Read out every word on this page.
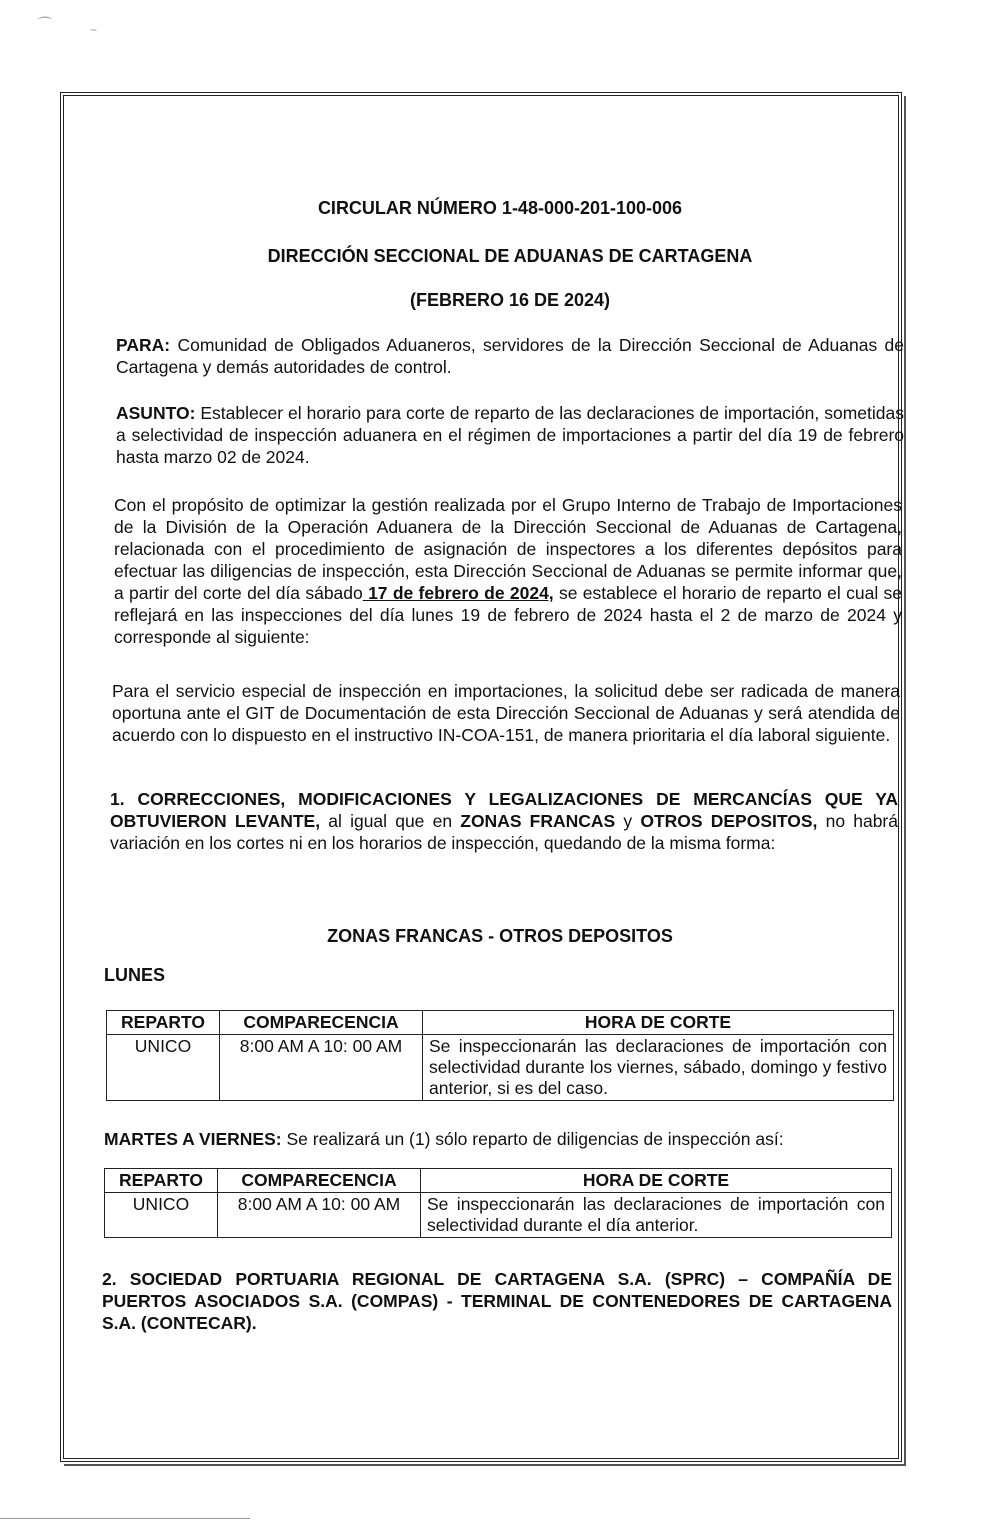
⌒	⁻
CIRCULAR NÚMERO 1-48-000-201-100-006
DIRECCIÓN SECCIONAL DE ADUANAS DE CARTAGENA
(FEBRERO 16 DE 2024)
PARA: Comunidad de Obligados Aduaneros, servidores de la Dirección Seccional de Aduanas de Cartagena y demás autoridades de control.
ASUNTO: Establecer el horario para corte de reparto de las declaraciones de importación, sometidas a selectividad de inspección aduanera en el régimen de importaciones a partir del día 19 de febrero hasta marzo 02 de 2024.
Con el propósito de optimizar la gestión realizada por el Grupo Interno de Trabajo de Importaciones de la División de la Operación Aduanera de la Dirección Seccional de Aduanas de Cartagena, relacionada con el procedimiento de asignación de inspectores a los diferentes depósitos para efectuar las diligencias de inspección, esta Dirección Seccional de Aduanas se permite informar que, a partir del corte del día sábado 17 de febrero de 2024, se establece el horario de reparto el cual se reflejará en las inspecciones del día lunes 19 de febrero de 2024 hasta el 2 de marzo de 2024 y corresponde al siguiente:
Para el servicio especial de inspección en importaciones, la solicitud debe ser radicada de manera oportuna ante el GIT de Documentación de esta Dirección Seccional de Aduanas y será atendida de acuerdo con lo dispuesto en el instructivo IN-COA-151, de manera prioritaria el día laboral siguiente.
1. CORRECCIONES, MODIFICACIONES Y LEGALIZACIONES DE MERCANCÍAS QUE YA OBTUVIERON LEVANTE, al igual que en ZONAS FRANCAS y OTROS DEPOSITOS, no habrá variación en los cortes ni en los horarios de inspección, quedando de la misma forma:
ZONAS FRANCAS - OTROS DEPOSITOS
LUNES
REPARTO	COMPARECENCIA	HORA DE CORTE
UNICO	8:00 AM A 10: 00 AM	Se inspeccionarán las declaraciones de importación con selectividad durante los viernes, sábado, domingo y festivo anterior, si es del caso.
MARTES A VIERNES: Se realizará un (1) sólo reparto de diligencias de inspección así:
REPARTO	COMPARECENCIA	HORA DE CORTE
UNICO	8:00 AM A 10: 00 AM	Se inspeccionarán las declaraciones de importación con selectividad durante el día anterior.
2. SOCIEDAD PORTUARIA REGIONAL DE CARTAGENA S.A. (SPRC) – COMPAÑÍA DE PUERTOS ASOCIADOS S.A. (COMPAS) - TERMINAL DE CONTENEDORES DE CARTAGENA S.A. (CONTECAR).
